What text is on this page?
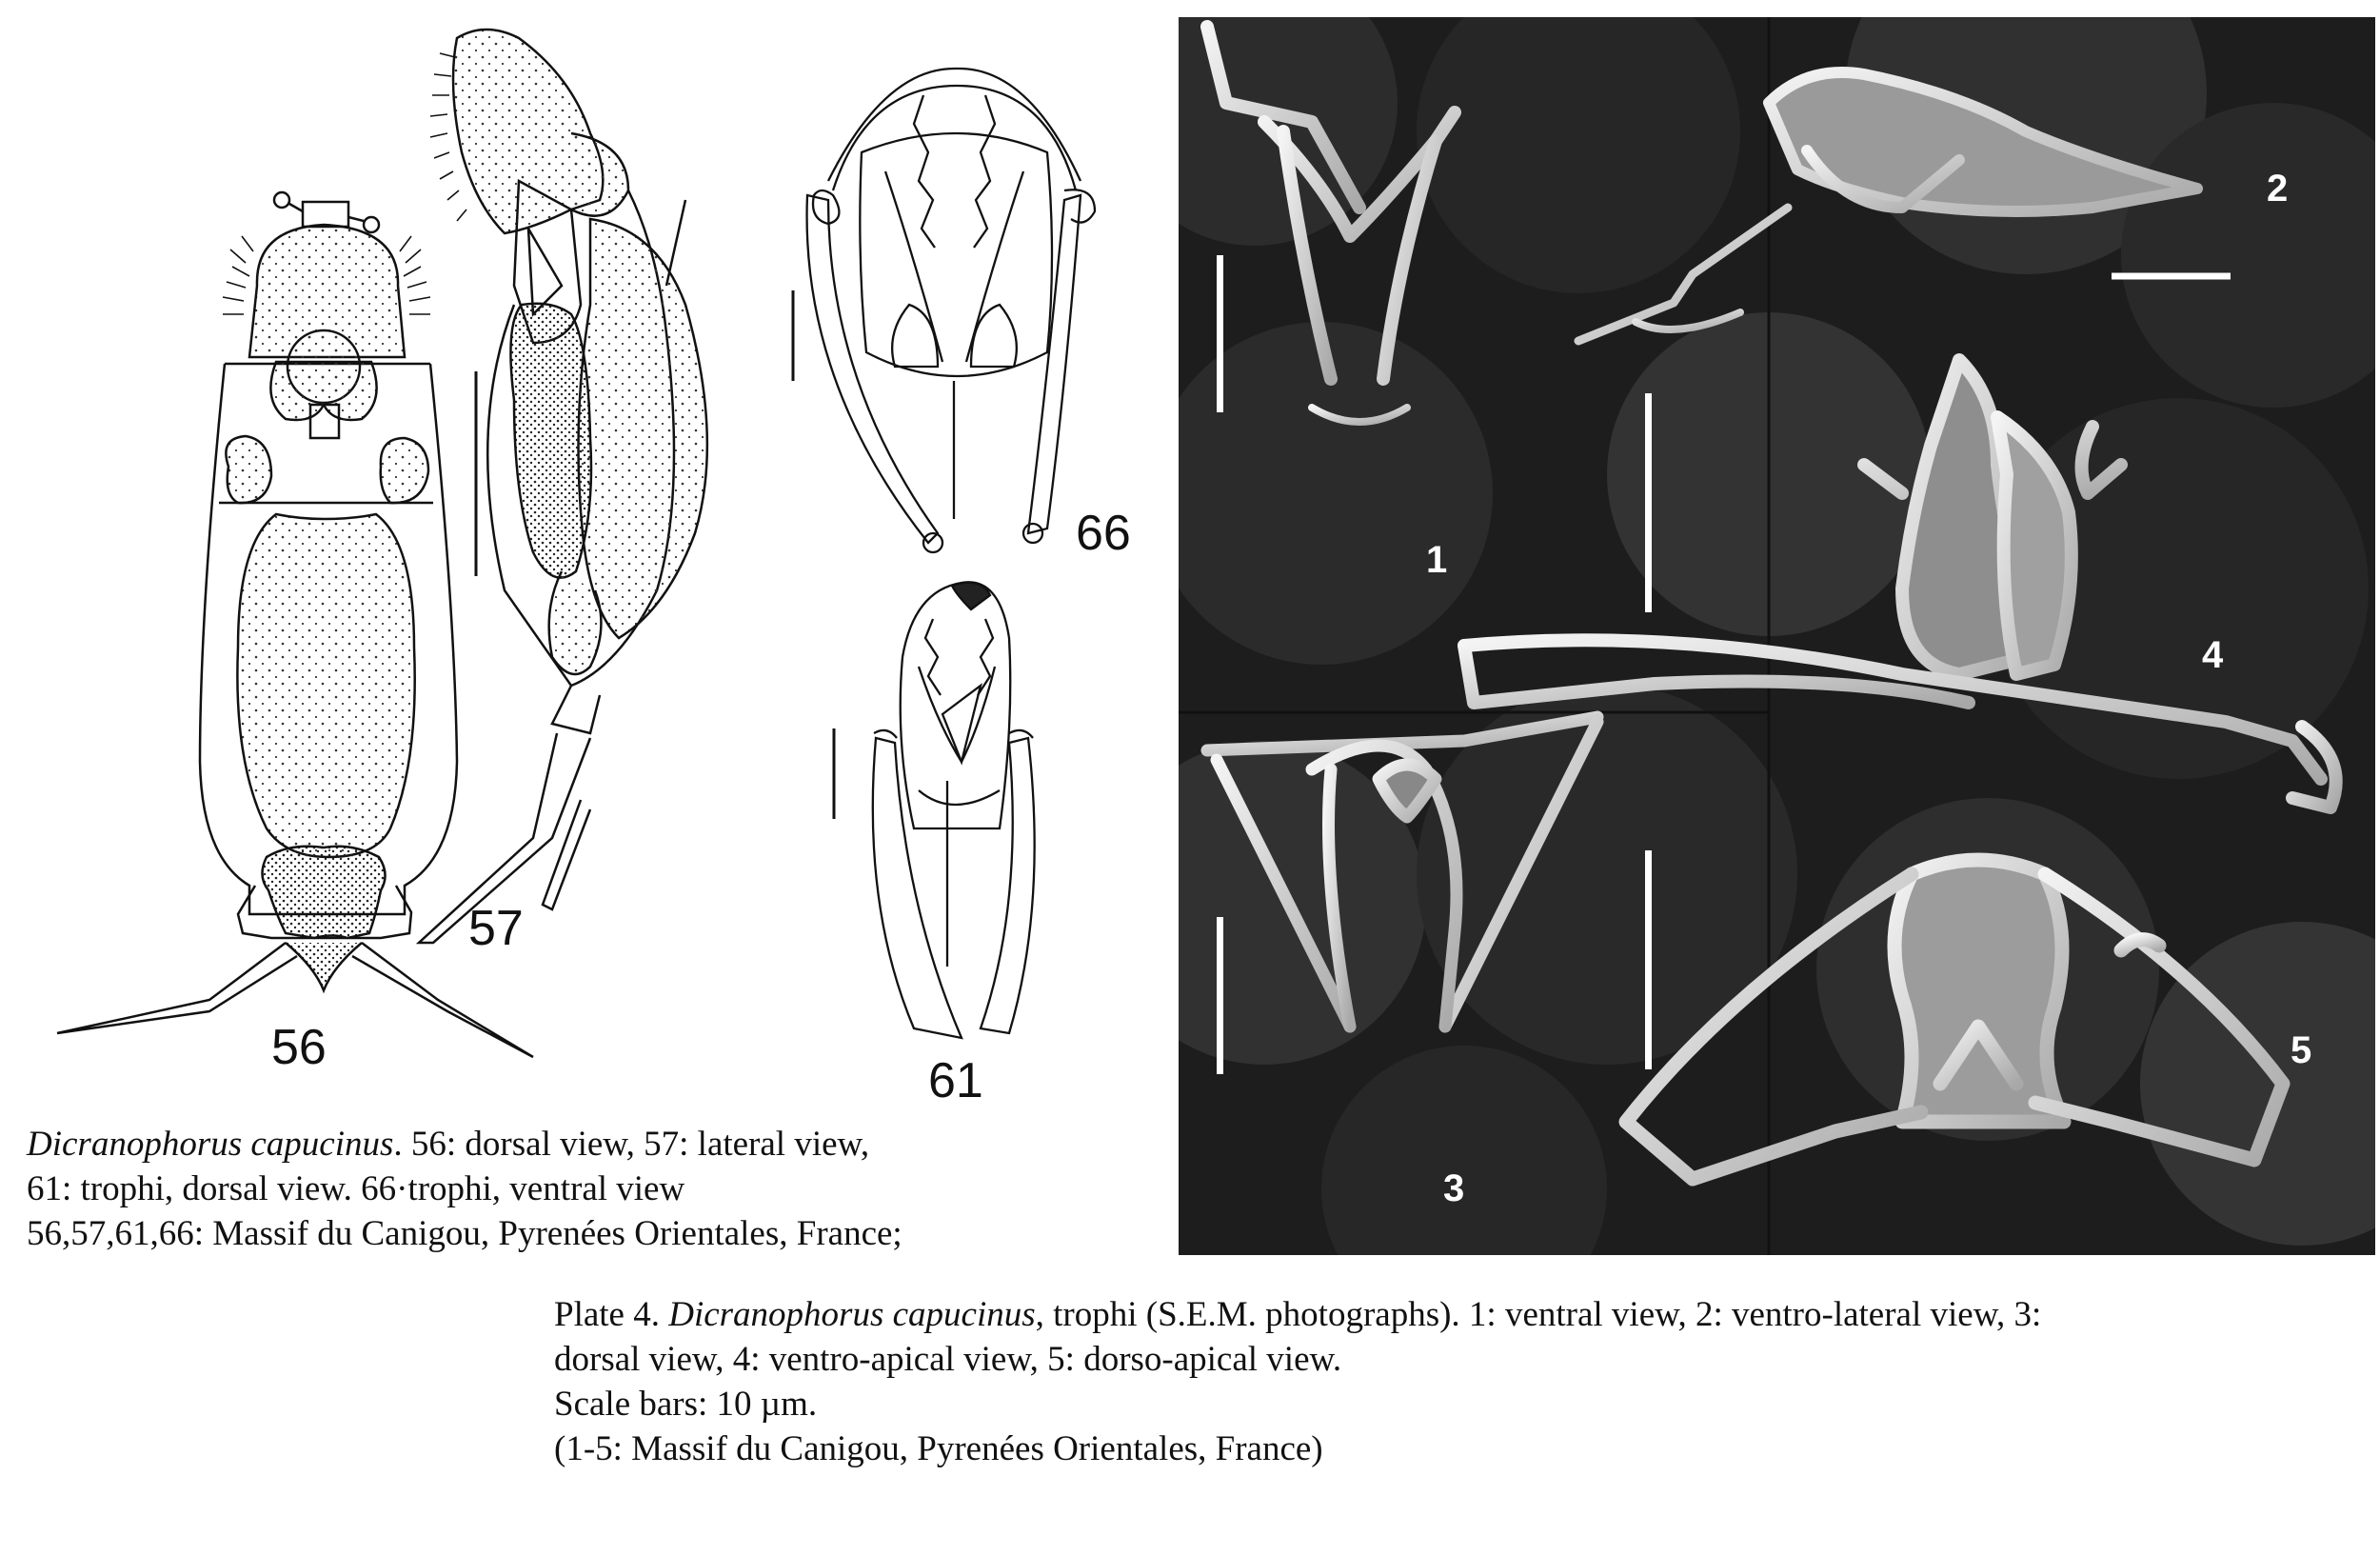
56
57
61
66	1
2
3
4
5
Dicranophorus capucinus. 56: dorsal view, 57: lateral view,
61: trophi, dorsal view. 66·trophi, ventral view
56,57,61,66: Massif du Canigou, Pyrenées Orientales, France;
Plate 4. Dicranophorus capucinus, trophi (S.E.M. photographs). 1: ventral view, 2: ventro-lateral view, 3:
dorsal view, 4: ventro-apical view, 5: dorso-apical view.
Scale bars: 10 µm.
(1-5: Massif du Canigou, Pyrenées Orientales, France)
